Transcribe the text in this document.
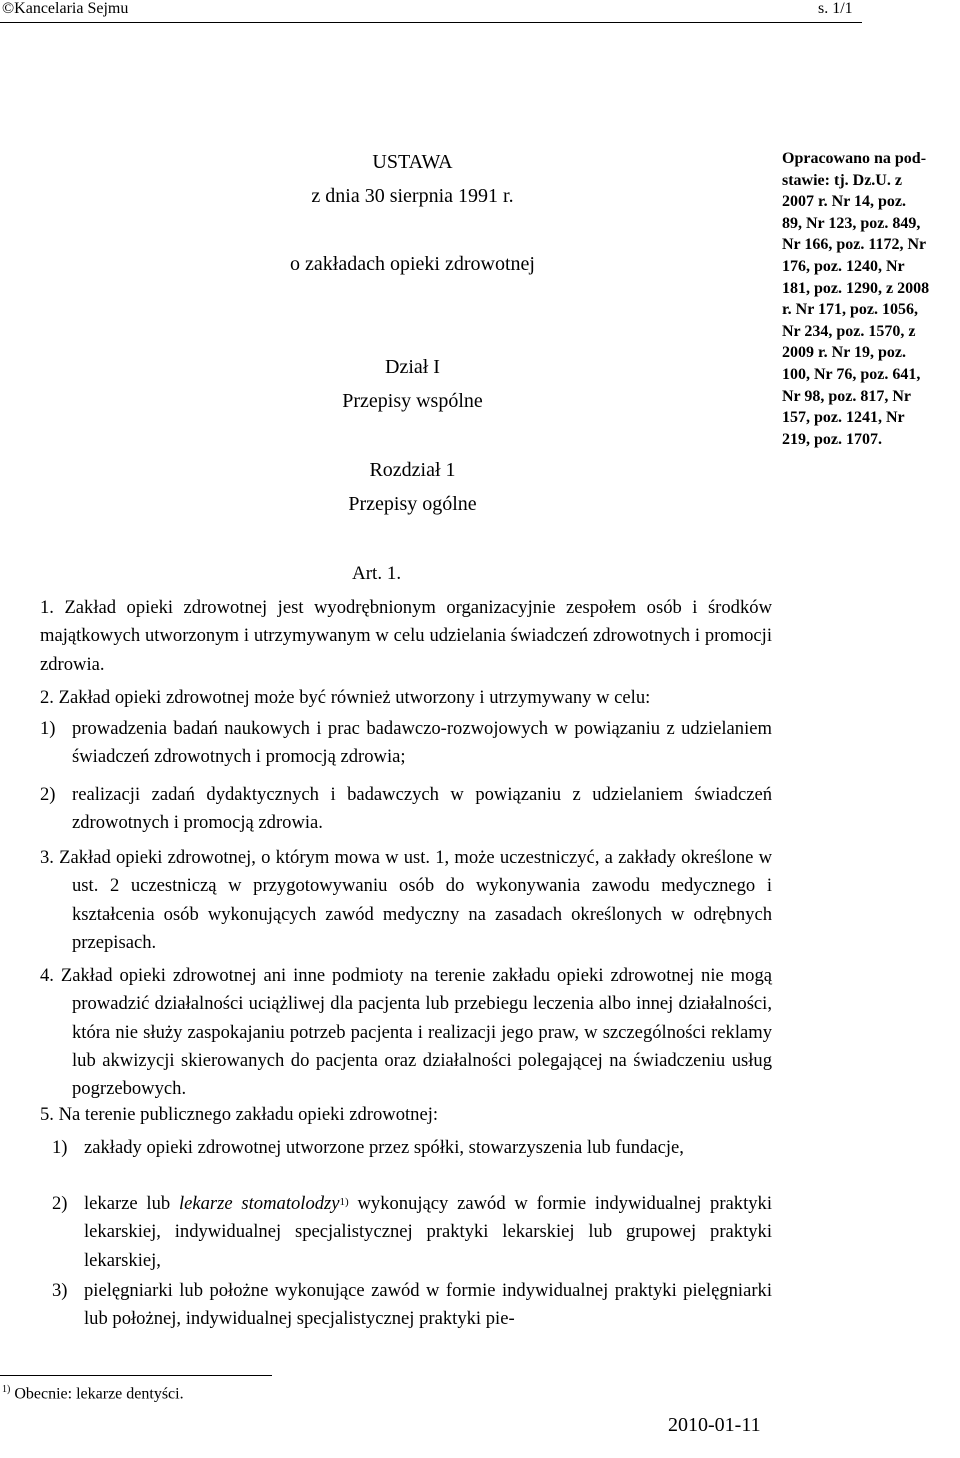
©Kancelaria Sejmu	s. 1/1
USTAWA
z dnia 30 sierpnia 1991 r.
o zakładach opieki zdrowotnej
Dział I
Przepisy wspólne
Rozdział 1
Przepisy ogólne
Opracowano na pod-
stawie: tj. Dz.U. z
2007 r. Nr 14, poz.
89, Nr 123, poz. 849,
Nr 166, poz. 1172, Nr
176, poz. 1240, Nr
181, poz. 1290, z 2008
r. Nr 171, poz. 1056,
Nr 234, poz. 1570, z
2009 r. Nr 19, poz.
100, Nr 76, poz. 641,
Nr 98, poz. 817, Nr
157, poz. 1241, Nr
219, poz. 1707.
Art. 1.
1. Zakład opieki zdrowotnej jest wyodrębnionym organizacyjnie zespołem osób i środków majątkowych utworzonym i utrzymywanym w celu udzielania świadczeń zdrowotnych i promocji zdrowia.
2. Zakład opieki zdrowotnej może być również utworzony i utrzymywany w celu:
1) prowadzenia badań naukowych i prac badawczo-rozwojowych w powiązaniu z udzielaniem świadczeń zdrowotnych i promocją zdrowia;
2) realizacji zadań dydaktycznych i badawczych w powiązaniu z udzielaniem świadczeń zdrowotnych i promocją zdrowia.
3. Zakład opieki zdrowotnej, o którym mowa w ust. 1, może uczestniczyć, a zakłady określone w ust. 2 uczestniczą w przygotowywaniu osób do wykonywania zawodu medycznego i kształcenia osób wykonujących zawód medyczny na zasadach określonych w odrębnych przepisach.
4. Zakład opieki zdrowotnej ani inne podmioty na terenie zakładu opieki zdrowotnej nie mogą prowadzić działalności uciążliwej dla pacjenta lub przebiegu leczenia albo innej działalności, która nie służy zaspokajaniu potrzeb pacjenta i realizacji jego praw, w szczególności reklamy lub akwizycji skierowanych do pacjenta oraz działalności polegającej na świadczeniu usług pogrzebowych.
5. Na terenie publicznego zakładu opieki zdrowotnej:
1) zakłady opieki zdrowotnej utworzone przez spółki, stowarzyszenia lub fundacje,
2) lekarze lub lekarze stomatolodzy$^{1)}$ wykonujący zawód w formie indywidualnej praktyki lekarskiej, indywidualnej specjalistycznej praktyki lekarskiej lub grupowej praktyki lekarskiej,
3) pielęgniarki lub położne wykonujące zawód w formie indywidualnej praktyki pielęgniarki lub położnej, indywidualnej specjalistycznej praktyki pie-
$^{1)}$ Obecnie: lekarze dentyści.
2010-01-11
